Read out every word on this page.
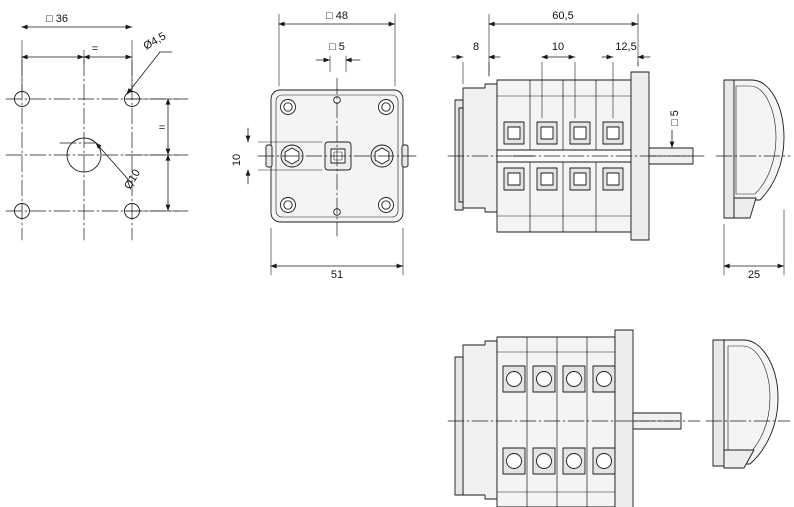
□ 36
=
=
Ø4,5
Ø10
□ 48
□ 5
10
51
60,5
8	10	12,5
□ 5
25
